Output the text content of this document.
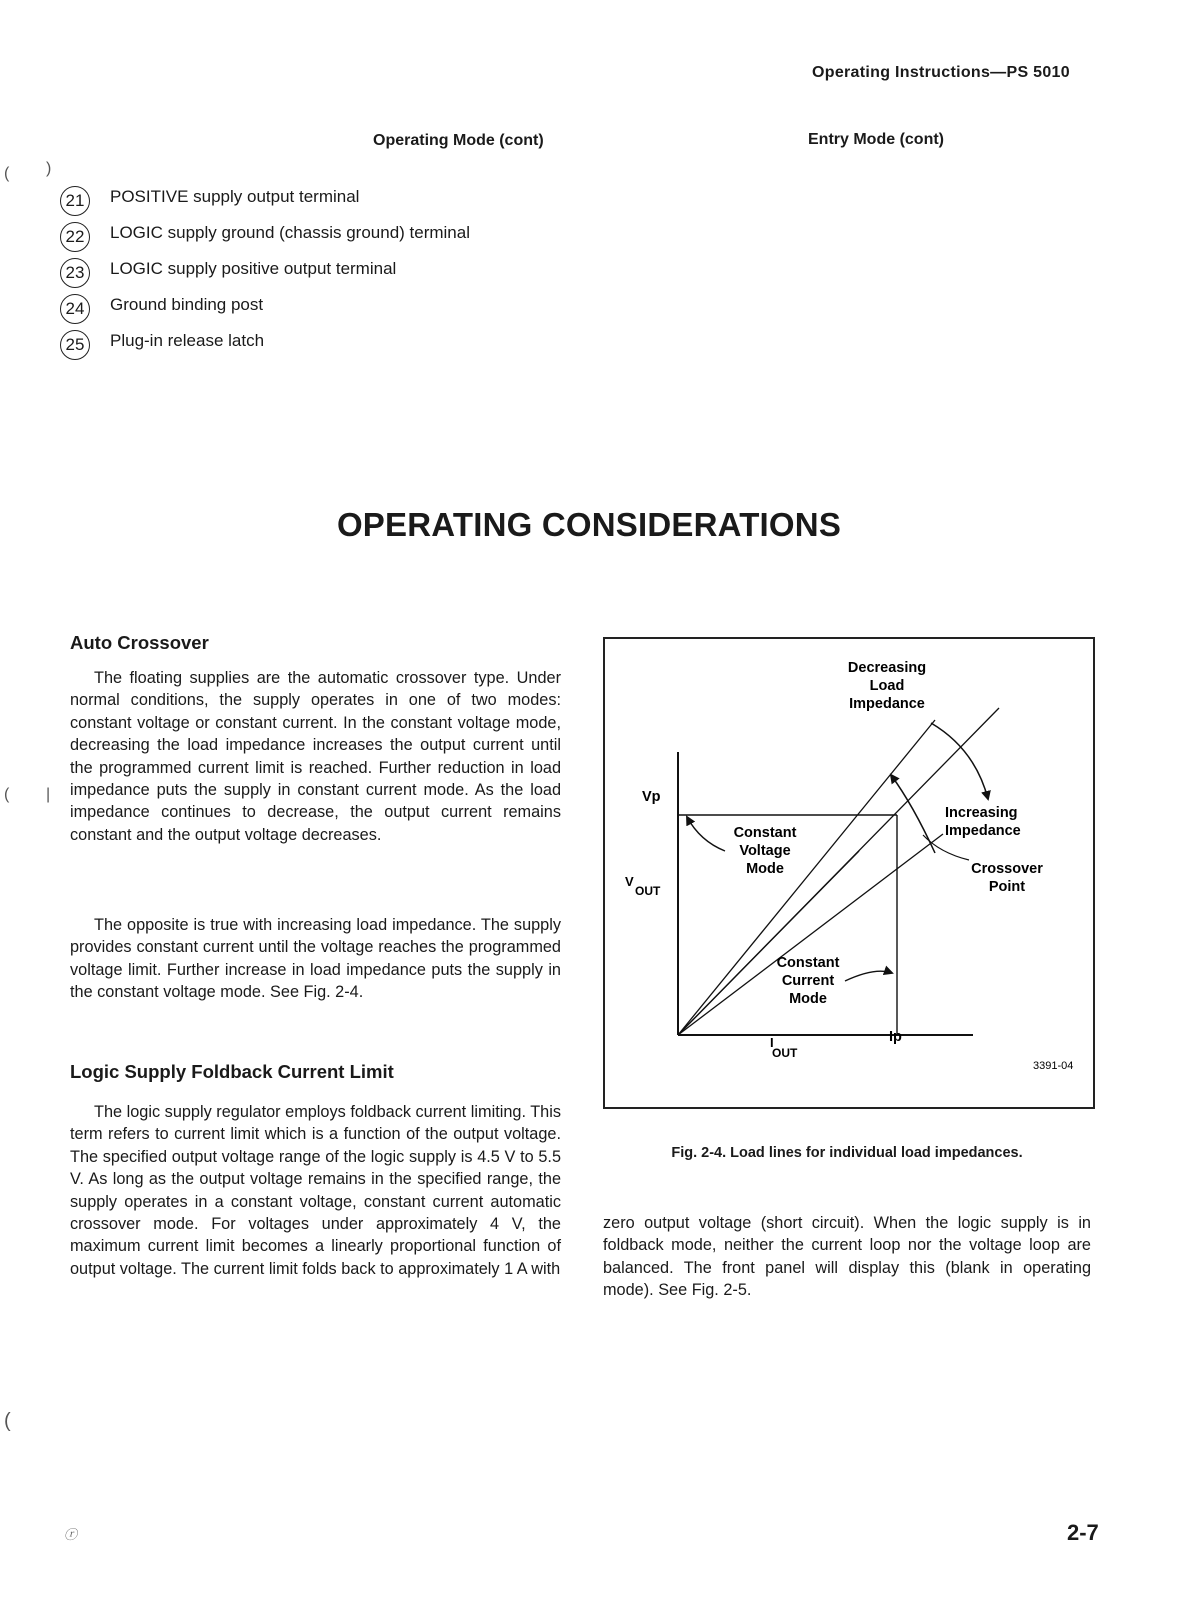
Operating Instructions—PS 5010
Operating Mode (cont)	Entry Mode (cont)
( )
( |
(
21	POSITIVE supply output terminal
22	LOGIC supply ground (chassis ground) terminal
23	LOGIC supply positive output terminal
24	Ground binding post
25	Plug-in release latch
OPERATING CONSIDERATIONS
Auto Crossover
The floating supplies are the automatic crossover type. Under normal conditions, the supply operates in one of two modes: constant voltage or constant current. In the constant voltage mode, decreasing the load impedance increases the output current until the programmed current limit is reached. Further reduction in load impedance puts the supply in constant current mode. As the load impedance continues to decrease, the output current remains constant and the output voltage decreases.
The opposite is true with increasing load impedance. The supply provides constant current until the voltage reaches the programmed voltage limit. Further increase in load impedance puts the supply in the constant voltage mode. See Fig. 2-4.
Logic Supply Foldback Current Limit
The logic supply regulator employs foldback current limiting. This term refers to current limit which is a function of the output voltage. The specified output voltage range of the logic supply is 4.5 V to 5.5 V. As long as the output voltage remains in the specified range, the supply operates in a constant voltage, constant current automatic crossover mode. For voltages under approximately 4 V, the maximum current limit becomes a linearly proportional function of output voltage. The current limit folds back to approximately 1 A with
zero output voltage (short circuit). When the logic supply is in foldback mode, neither the current loop nor the voltage loop are balanced. The front panel will display this (blank in operating mode). See Fig. 2-5.
Decreasing
Load
Impedance
Increasing
Impedance
Crossover
Point
Constant
Voltage
Mode
Constant
Current
Mode
Vp
V
OUT
I
OUT
Ip
3391-04
Fig. 2-4. Load lines for individual load impedances.
ⓡ	2-7
